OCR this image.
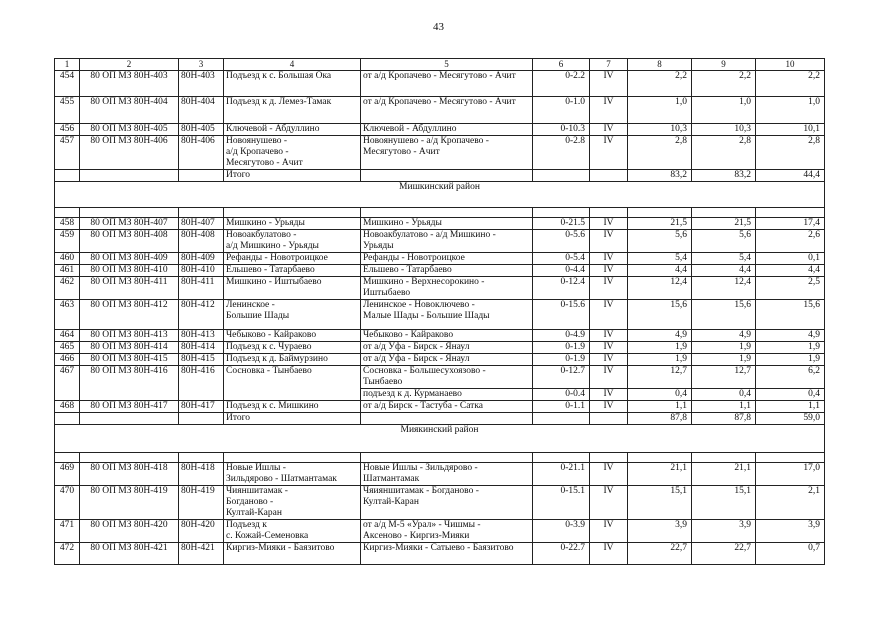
43
1	2	3	4	5	6	7	8	9	10
454	80 ОП МЗ 80Н-403	80Н-403	Подъезд к с. Большая Ока	от а/д Кропачево - Месягутово - Ачит	0-2.2	IV	2,2	2,2	2,2
455	80 ОП МЗ 80Н-404	80Н-404	Подъезд к д. Лемез-Тамак	от а/д Кропачево - Месягутово - Ачит	0-1.0	IV	1,0	1,0	1,0
456	80 ОП МЗ 80Н-405	80Н-405	Ключевой - Абдуллино	Ключевой - Абдуллино	0-10.3	IV	10,3	10,3	10,1
457	80 ОП МЗ 80Н-406	80Н-406	Новоянушево -
а/д Кропачево -
Месягутово - Ачит	Новоянушево - а/д Кропачево -
Месягутово - Ачит	0-2.8	IV	2,8	2,8	2,8
			Итого				83,2	83,2	44,4
Мишкинский район									

458	80 ОП МЗ 80Н-407	80Н-407	Мишкино - Урьяды	Мишкино - Урьяды	0-21.5	IV	21,5	21,5	17,4
459	80 ОП МЗ 80Н-408	80Н-408	Новоакбулатово -
а/д Мишкино - Урьяды	Новоакбулатово - а/д Мишкино -
Урьяды	0-5.6	IV	5,6	5,6	2,6
460	80 ОП МЗ 80Н-409	80Н-409	Рефанды - Новотроицкое	Рефанды - Новотроицкое	0-5.4	IV	5,4	5,4	0,1
461	80 ОП МЗ 80Н-410	80Н-410	Ельшево - Татарбаево	Ельшево - Татарбаево	0-4.4	IV	4,4	4,4	4,4
462	80 ОП МЗ 80Н-411	80Н-411	Мишкино - Иштыбаево	Мишкино - Верхнесорокино -
Иштыбаево	0-12.4	IV	12,4	12,4	2,5
463	80 ОП МЗ 80Н-412	80Н-412	Ленинское -
Большие Шады	Ленинское - Новоключево -
Малые Шады - Большие Шады	0-15.6	IV	15,6	15,6	15,6
464	80 ОП МЗ 80Н-413	80Н-413	Чебыково - Кайраково	Чебыково - Кайраково	0-4.9	IV	4,9	4,9	4,9
465	80 ОП МЗ 80Н-414	80Н-414	Подъезд к с. Чураево	от а/д Уфа - Бирск - Янаул	0-1.9	IV	1,9	1,9	1,9
466	80 ОП МЗ 80Н-415	80Н-415	Подъезд к д. Баймурзино	от а/д Уфа - Бирск - Янаул	0-1.9	IV	1,9	1,9	1,9
467	80 ОП МЗ 80Н-416	80Н-416	Сосновка - Тынбаево	Сосновка - Большесухоязово -
Тынбаево	0-12.7	IV	12,7	12,7	6,2
				подъезд к д. Курманаево	0-0.4	IV	0,4	0,4	0,4
468	80 ОП МЗ 80Н-417	80Н-417	Подъезд к с. Мишкино	от а/д Бирск - Тастуба - Сатка	0-1.1	IV	1,1	1,1	1,1
			Итого				87,8	87,8	59,0
Миякинский район									

469	80 ОП МЗ 80Н-418	80Н-418	Новые Ишлы -
Зильдярово - Шатмантамак	Новые Ишлы - Зильдярово -
Шатмантамак	0-21.1	IV	21,1	21,1	17,0
470	80 ОП МЗ 80Н-419	80Н-419	Чияншитамак -
Богданово -
Култай-Каран	Чяияншитамак - Богданово -
Култай-Каран	0-15.1	IV	15,1	15,1	2,1
471	80 ОП МЗ 80Н-420	80Н-420	Подъезд к
с. Кожай-Семеновка	от а/д М-5 «Урал» - Чишмы -
Аксеново - Киргиз-Мияки	0-3.9	IV	3,9	3,9	3,9
472	80 ОП МЗ 80Н-421	80Н-421	Киргиз-Мияки - Баязитово	Киргиз-Мияки - Сатыево - Баязитово	0-22.7	IV	22,7	22,7	0,7
